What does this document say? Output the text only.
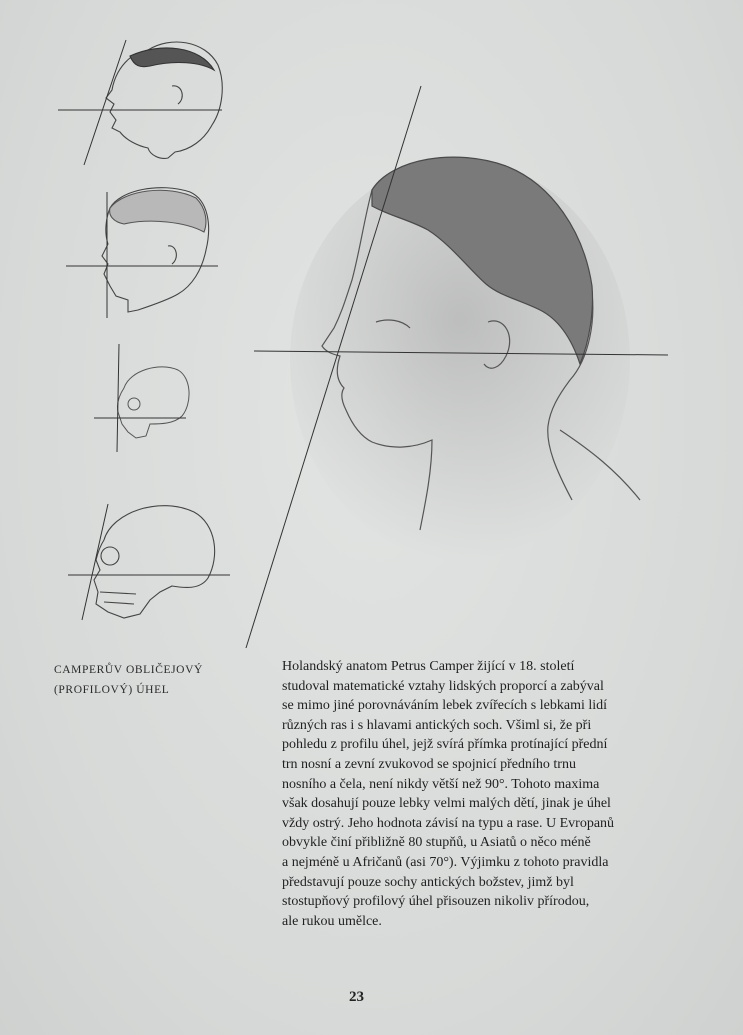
CAMPERŮV OBLIČEJOVÝ
(PROFILOVÝ) ÚHEL
Holandský anatom Petrus Camper žijící v 18. století
studoval matematické vztahy lidských proporcí a zabýval
se mimo jiné porovnáváním lebek zvířecích s lebkami lidí
různých ras i s hlavami antických soch. Všiml si, že při
pohledu z profilu úhel, jejž svírá přímka protínající přední
trn nosní a zevní zvukovod se spojnicí předního trnu
nosního a čela, není nikdy větší než 90°. Tohoto maxima
však dosahují pouze lebky velmi malých dětí, jinak je úhel
vždy ostrý. Jeho hodnota závisí na typu a rase. U Evropanů
obvykle činí přibližně 80 stupňů, u Asiatů o něco méně
a nejméně u Afričanů (asi 70°). Výjimku z tohoto pravidla
představují pouze sochy antických božstev, jimž byl
stostupňový profilový úhel přisouzen nikoliv přírodou,
ale rukou umělce.
23
